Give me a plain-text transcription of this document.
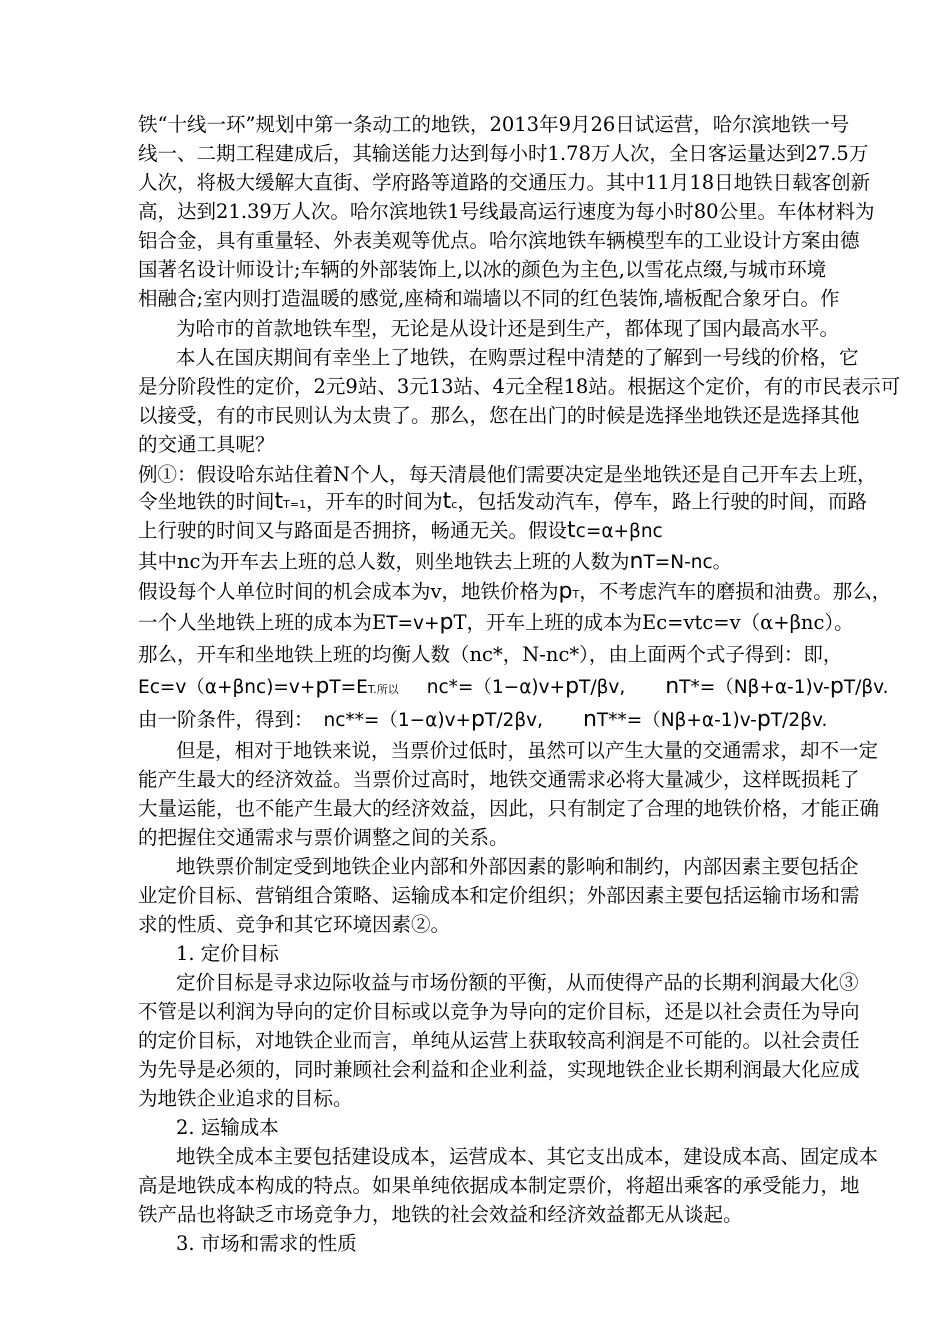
铁“十线一环”规划中第一条动工的地铁，2013年9月26日试运营，哈尔滨地铁一号
线一、二期工程建成后，其输送能力达到每小时1.78万人次，全日客运量达到27.5万
人次，将极大缓解大直街、学府路等道路的交通压力。其中11月18日地铁日载客创新
高，达到21.39万人次。哈尔滨地铁1号线最高运行速度为每小时80公里。车体材料为
铝合金，具有重量轻、外表美观等优点。哈尔滨地铁车辆模型车的工业设计方案由德
国著名设计师设计;车辆的外部装饰上,以冰的颜色为主色,以雪花点缀,与城市环境
相融合;室内则打造温暖的感觉,座椅和端墙以不同的红色装饰,墙板配合象牙白。作
为哈市的首款地铁车型，无论是从设计还是到生产，都体现了国内最高水平。
本人在国庆期间有幸坐上了地铁，在购票过程中清楚的了解到一号线的价格，它
是分阶段性的定价，2元9站、3元13站、4元全程18站。根据这个定价，有的市民表示可
以接受，有的市民则认为太贵了。那么，您在出门的时候是选择坐地铁还是选择其他
的交通工具呢？
例①：假设哈东站住着N个人，每天清晨他们需要决定是坐地铁还是自己开车去上班，
令坐地铁的时间tT=1，开车的时间为tc，包括发动汽车，停车，路上行驶的时间，而路
上行驶的时间又与路面是否拥挤，畅通无关。假设tc=α+βnc
其中nc为开车去上班的总人数，则坐地铁去上班的人数为nT=N-nc。
假设每个人单位时间的机会成本为v，地铁价格为pT，不考虑汽车的磨损和油费。那么，
一个人坐地铁上班的成本为ET=v+pT，开车上班的成本为Ec=vtc=v（α+βnc）。
那么，开车和坐地铁上班的均衡人数（nc*，N-nc*），由上面两个式子得到：即，
Ec=v（α+βnc)=v+pT=ET.所以 nc*=（1−α)v+pT/βv, nT*=（Nβ+α-1)v-pT/βv.
由一阶条件，得到： nc**=（1−α)v+pT/2βv, nT**=（Nβ+α-1)v-pT/2βv.
但是，相对于地铁来说，当票价过低时，虽然可以产生大量的交通需求，却不一定
能产生最大的经济效益。当票价过高时，地铁交通需求必将大量减少，这样既损耗了
大量运能，也不能产生最大的经济效益，因此，只有制定了合理的地铁价格，才能正确
的把握住交通需求与票价调整之间的关系。
地铁票价制定受到地铁企业内部和外部因素的影响和制约，内部因素主要包括企
业定价目标、营销组合策略、运输成本和定价组织；外部因素主要包括运输市场和需
求的性质、竞争和其它环境因素②。
1. 定价目标
定价目标是寻求边际收益与市场份额的平衡，从而使得产品的长期利润最大化③
不管是以利润为导向的定价目标或以竞争为导向的定价目标，还是以社会责任为导向
的定价目标，对地铁企业而言，单纯从运营上获取较高利润是不可能的。以社会责任
为先导是必须的，同时兼顾社会利益和企业利益，实现地铁企业长期利润最大化应成
为地铁企业追求的目标。
2. 运输成本
地铁全成本主要包括建设成本，运营成本、其它支出成本，建设成本高、固定成本
高是地铁成本构成的特点。如果单纯依据成本制定票价，将超出乘客的承受能力，地
铁产品也将缺乏市场竞争力，地铁的社会效益和经济效益都无从谈起。
3. 市场和需求的性质
